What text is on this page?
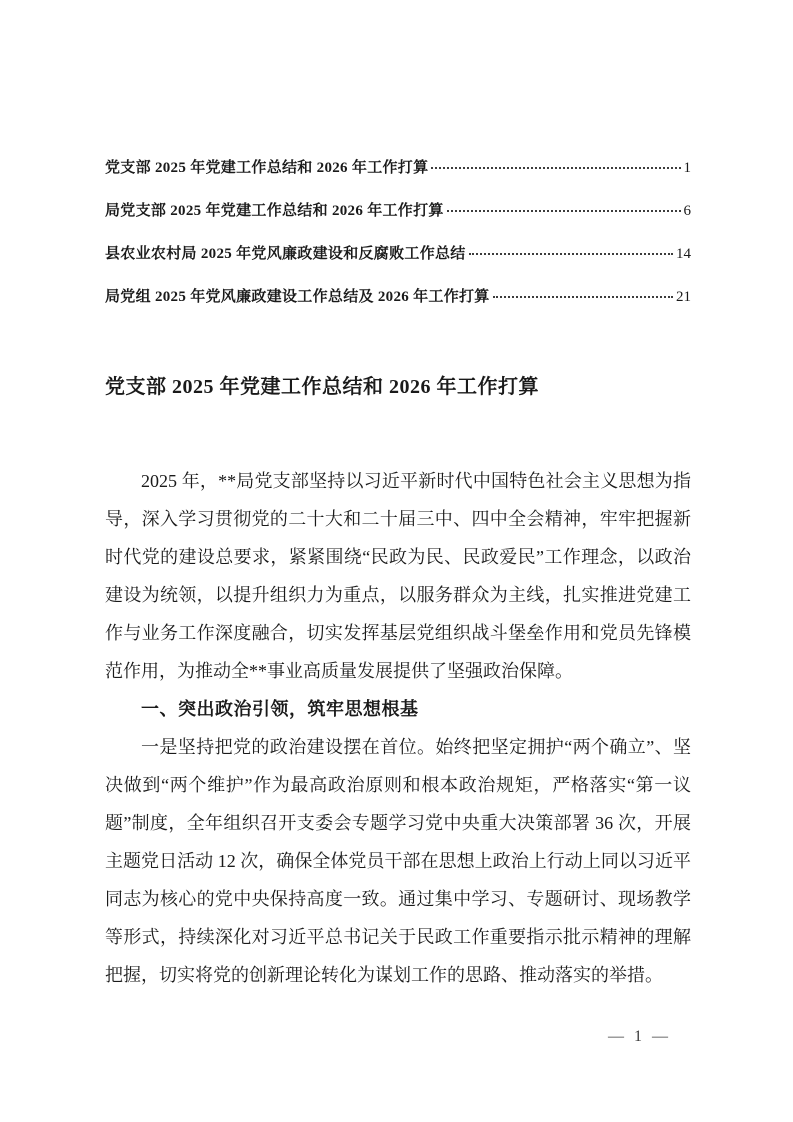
党支部 2025 年党建工作总结和 2026 年工作打算	1
局党支部 2025 年党建工作总结和 2026 年工作打算	6
县农业农村局 2025 年党风廉政建设和反腐败工作总结	14
局党组 2025 年党风廉政建设工作总结及 2026 年工作打算	21
党支部 2025 年党建工作总结和 2026 年工作打算

2025 年，**局党支部坚持以习近平新时代中国特色社会主义思想为指导，深入学习贯彻党的二十大和二十届三中、四中全会精神，牢牢把握新时代党的建设总要求，紧紧围绕“民政为民、民政爱民”工作理念，以政治建设为统领，以提升组织力为重点，以服务群众为主线，扎实推进党建工作与业务工作深度融合，切实发挥基层党组织战斗堡垒作用和党员先锋模范作用，为推动全**事业高质量发展提供了坚强政治保障。

一、突出政治引领，筑牢思想根基

一是坚持把党的政治建设摆在首位。始终把坚定拥护“两个确立”、坚决做到“两个维护”作为最高政治原则和根本政治规矩，严格落实“第一议题”制度，全年组织召开支委会专题学习党中央重大决策部署 36 次，开展主题党日活动 12 次，确保全体党员干部在思想上政治上行动上同以习近平同志为核心的党中央保持高度一致。通过集中学习、专题研讨、现场教学等形式，持续深化对习近平总书记关于民政工作重要指示批示精神的理解把握，切实将党的创新理论转化为谋划工作的思路、推动落实的举措。

— 1 —
